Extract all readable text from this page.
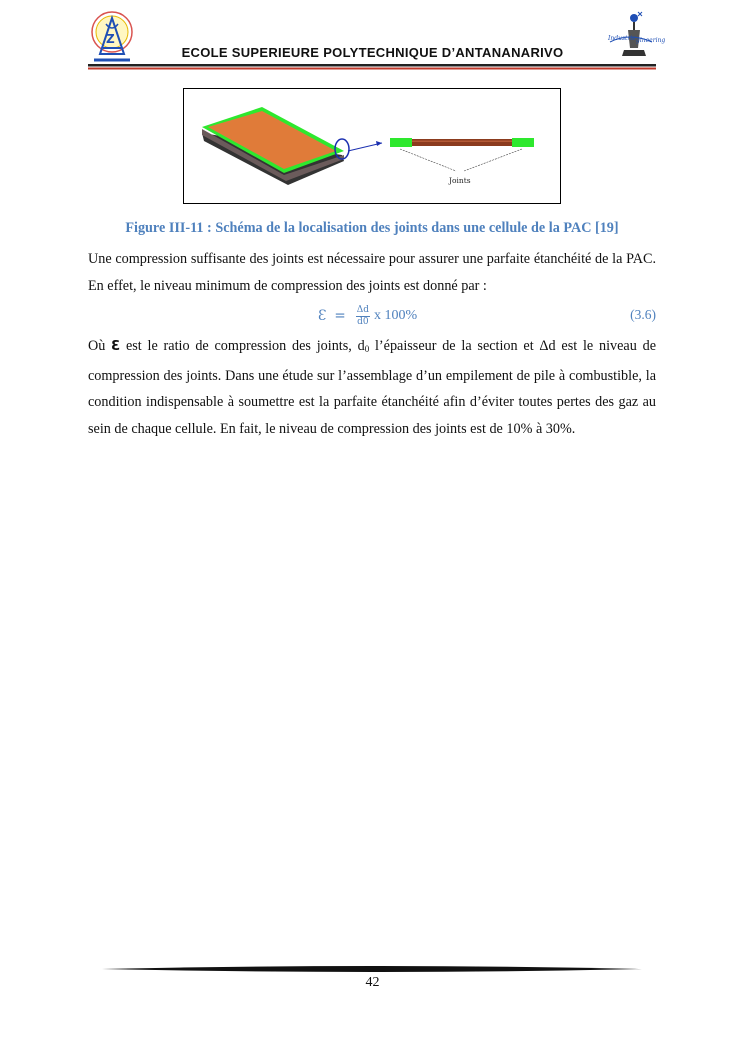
Z	Industrie gineering
ECOLE SUPERIEURE POLYTECHNIQUE D’ANTANANARIVO
Joints
Figure III-11 : Schéma de la localisation des joints dans une cellule de la PAC [19]
Une compression suffisante des joints est nécessaire pour assurer une parfaite étanchéité de la PAC. En effet, le niveau minimum de compression des joints est donné par :
Ɛ = $\frac{\Delta d}{d0}$ x 100%	(3.6)
Où Ɛ est le ratio de compression des joints, $d_0$ l’épaisseur de la section et Δd est le niveau de compression des joints. Dans une étude sur l’assemblage d’un empilement de pile à combustible, la condition indispensable à soumettre est la parfaite étanchéité afin d’éviter toutes pertes des gaz au sein de chaque cellule. En fait, le niveau de compression des joints est de 10% à 30%.
42
